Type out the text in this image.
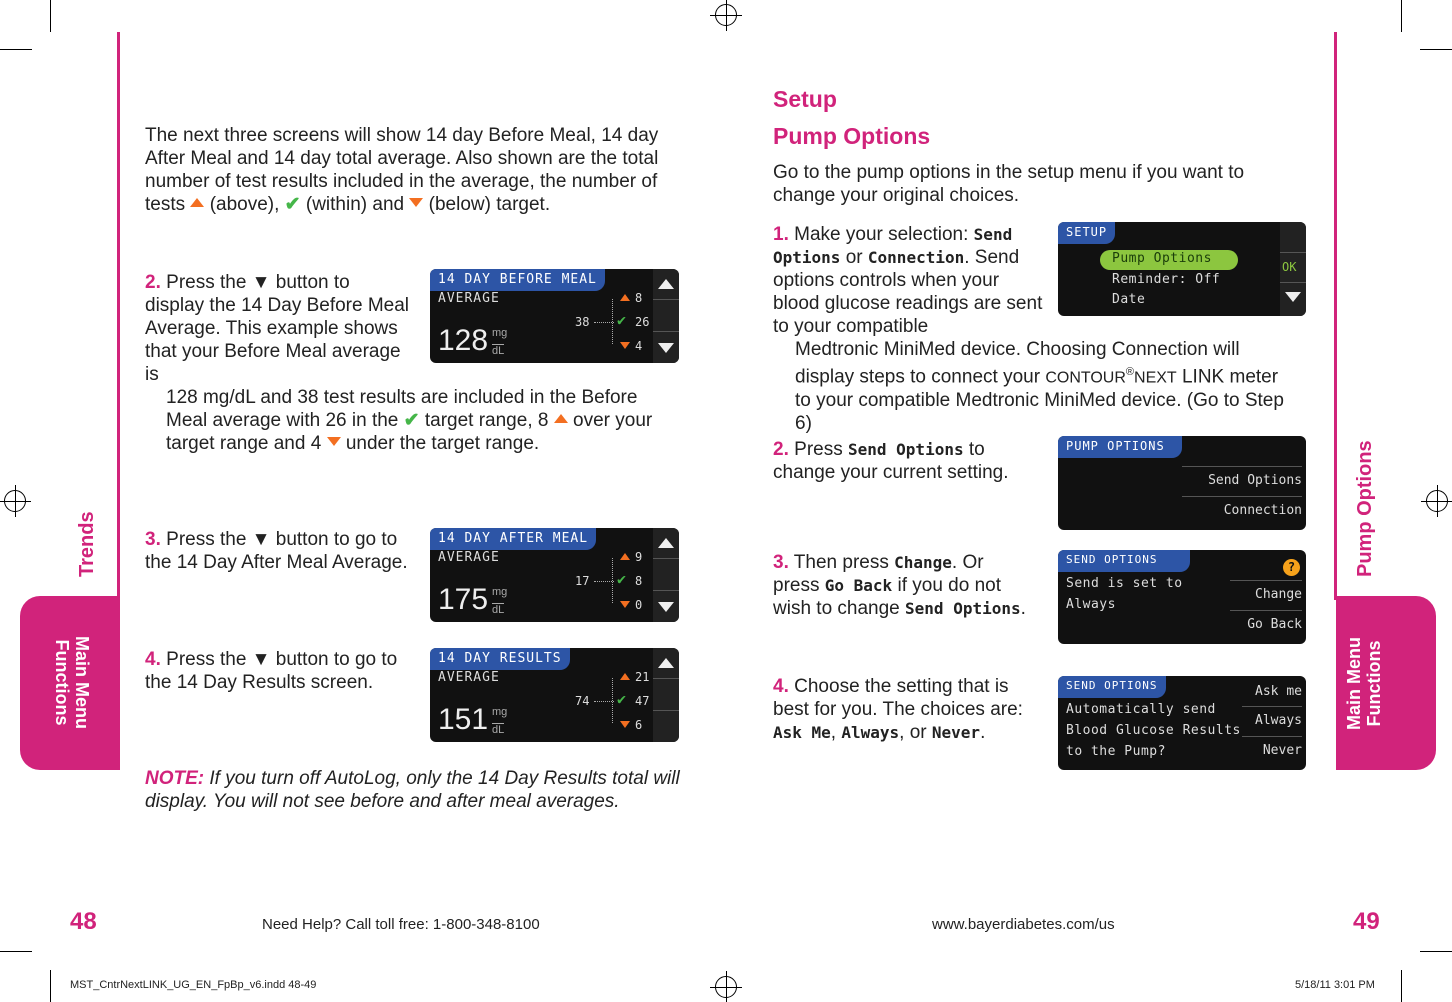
Trends
Main Menu
Functions
Pump Options
Main Menu Functions
The next three screens will show 14 day Before Meal, 14 day After Meal and 14 day total average. Also shown are the total number of test results included in the average, the number of tests (above), ✔ (within) and (below) target.
2. Press the ▼ button to display the 14 Day Before Meal Average. This example shows that your Before Meal average is
128 mg/dL and 38 test results are included in the Before Meal average with 26 in the ✔ target range, 8 over your target range and 4 under the target range.
3. Press the ▼ button to go to the 14 Day After Meal Average.
4. Press the ▼ button to go to the 14 Day Results screen.
NOTE: If you turn off AutoLog, only the 14 Day Results total will display. You will not see before and after meal averages.
14 DAY BEFORE MEAL
AVERAGE
128 mg
dL
38
8
✔ 26
4
14 DAY AFTER MEAL
AVERAGE
175 mg
dL
17
9
✔ 8
0
14 DAY RESULTS
AVERAGE
151 mg
dL
74
21
✔ 47
6
48	Need Help? Call toll free: 1-800-348-8100
Setup
Pump Options
Go to the pump options in the setup menu if you want to change your original choices.
1. Make your selection: Send Options or Connection. Send options controls when your blood glucose readings are sent to your compatible
Medtronic MiniMed device. Choosing Connection will display steps to connect your CONTOUR®NEXT LINK meter to your compatible Medtronic MiniMed device. (Go to Step 6)
2. Press Send Options to change your current setting.
3. Then press Change. Or press Go Back if you do not wish to change Send Options.
4. Choose the setting that is best for you. The choices are: Ask Me, Always, or Never.
SETUP
Pump Options
Reminder: Off
Date
OK
PUMP OPTIONS
Send Options
Connection
SEND OPTIONS
Send is set to
Always
?
Change
Go Back
SEND OPTIONS
Automatically send
Blood Glucose Results
to the Pump?
Ask me
Always
Never
www.bayerdiabetes.com/us	49
MST_CntrNextLINK_UG_EN_FpBp_v6.indd 48-49	5/18/11 3:01 PM
